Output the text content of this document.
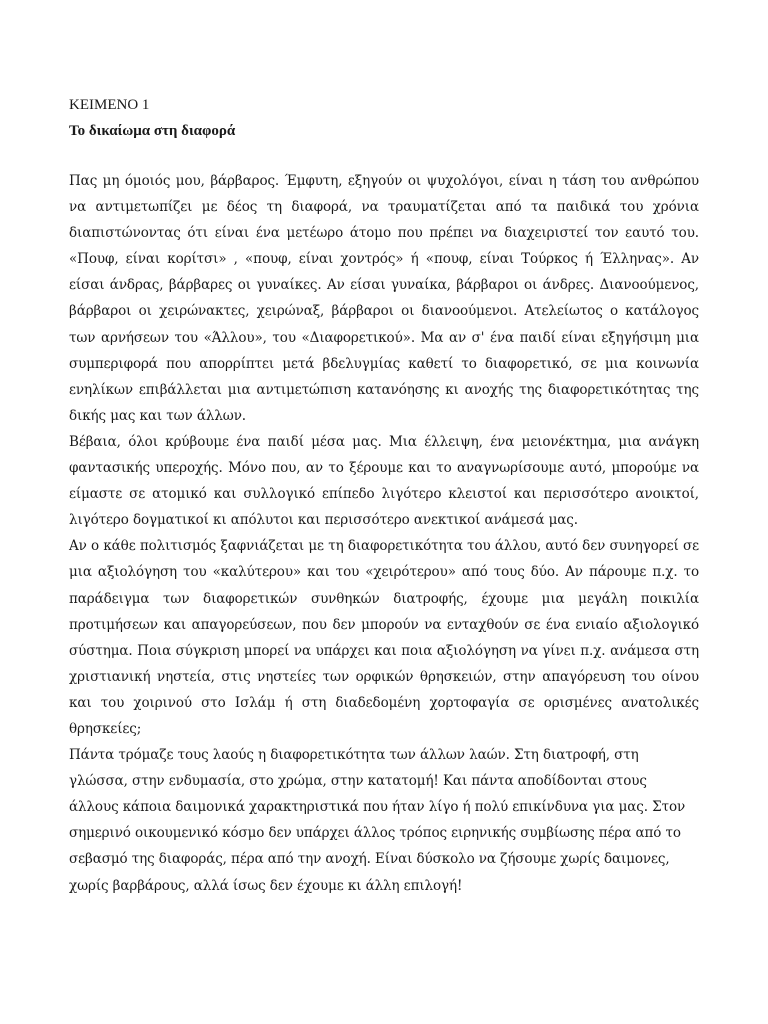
ΚΕΙΜΕΝΟ 1

Το δικαίωμα στη διαφορά

Πας μη όμοιός μου, βάρβαρος. Έμφυτη, εξηγούν οι ψυχολόγοι, είναι η τάση του ανθρώπου να αντιμετωπίζει με δέος τη διαφορά, να τραυματίζεται από τα παιδικά του χρόνια διαπιστώνοντας ότι είναι ένα μετέωρο άτομο που πρέπει να διαχειριστεί τον εαυτό του. «Πουφ, είναι κορίτσι» , «πουφ, είναι χοντρός» ή «πουφ, είναι Τούρκος ή Έλληνας». Αν είσαι άνδρας, βάρβαρες οι γυναίκες. Αν είσαι γυναίκα, βάρβαροι οι άνδρες. Διανοούμενος, βάρβαροι οι χειρώνακτες, χειρώναξ, βάρβαροι οι διανοούμενοι. Ατελείωτος ο κατάλογος των αρνήσεων του «Άλλου», του «Διαφορετικού». Μα αν σ' ένα παιδί είναι εξηγήσιμη μια συμπεριφορά που απορρίπτει μετά βδελυγμίας καθετί το διαφορετικό, σε μια κοινωνία ενηλίκων επιβάλλεται μια αντιμετώπιση κατανόησης κι ανοχής της διαφορετικότητας της δικής μας και των άλλων.

Βέβαια, όλοι κρύβουμε ένα παιδί μέσα μας. Μια έλλειψη, ένα μειονέκτημα, μια ανάγκη φαντασικής υπεροχής. Μόνο που, αν το ξέρουμε και το αναγνωρίσουμε αυτό, μπορούμε να είμαστε σε ατομικό και συλλογικό επίπεδο λιγότερο κλειστοί και περισσότερο ανοικτοί, λιγότερο δογματικοί κι απόλυτοι και περισσότερο ανεκτικοί ανάμεσά μας.

Αν ο κάθε πολιτισμός ξαφνιάζεται με τη διαφορετικότητα του άλλου, αυτό δεν συνηγορεί σε μια αξιολόγηση του «καλύτερου» και του «χειρότερου» από τους δύο. Αν πάρουμε π.χ. το παράδειγμα των διαφορετικών συνθηκών διατροφής, έχουμε μια μεγάλη ποικιλία προτιμήσεων και απαγορεύσεων, που δεν μπορούν να ενταχθούν σε ένα ενιαίο αξιολογικό σύστημα. Ποια σύγκριση μπορεί να υπάρχει και ποια αξιολόγηση να γίνει π.χ. ανάμεσα στη χριστιανική νηστεία, στις νηστείες των ορφικών θρησκειών, στην απαγόρευση του οίνου και του χοιρινού στο Ισλάμ ή στη διαδεδομένη χορτοφαγία σε ορισμένες ανατολικές θρησκείες;

Πάντα τρόμαζε τους λαούς η διαφορετικότητα των άλλων λαών. Στη διατροφή, στη γλώσσα, στην ενδυμασία, στο χρώμα, στην κατατομή! Και πάντα αποδίδονται στους άλλους κάποια δαιμονικά χαρακτηριστικά που ήταν λίγο ή πολύ επικίνδυνα για μας. Στον σημερινό οικουμενικό κόσμο δεν υπάρχει άλλος τρόπος ειρηνικής συμβίωσης πέρα από το σεβασμό της διαφοράς, πέρα από την ανοχή. Είναι δύσκολο να ζήσουμε χωρίς δαιμονες, χωρίς βαρβάρους, αλλά ίσως δεν έχουμε κι άλλη επιλογή!
